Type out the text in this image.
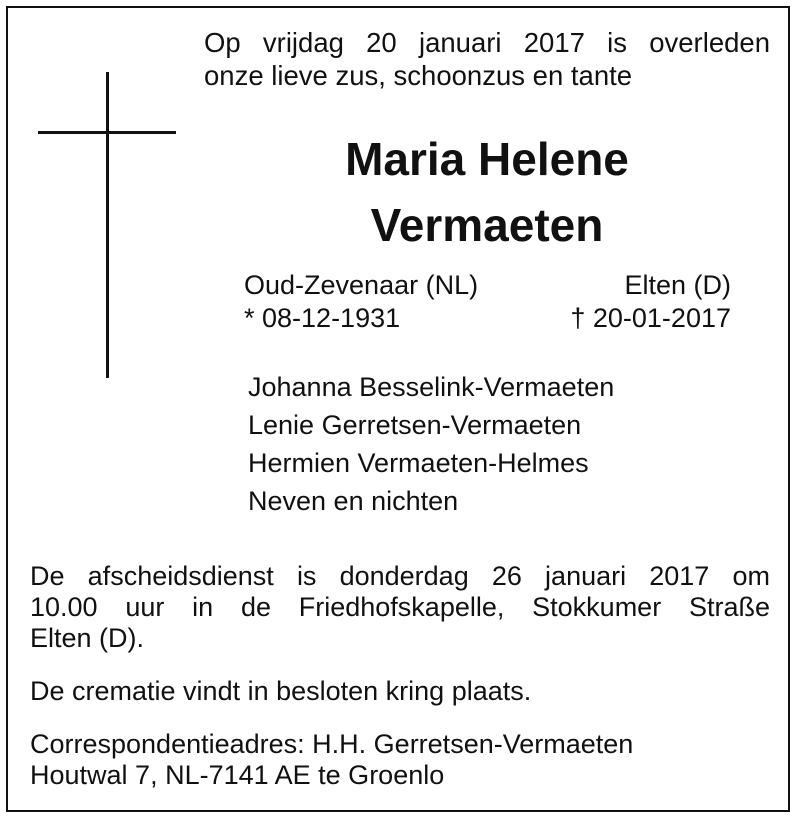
Op vrijdag 20 januari 2017 is overleden
onze lieve zus, schoonzus en tante
Maria Helene
Vermaeten
Oud-Zevenaar (NL)	Elten (D)
* 08-12-1931	† 20-01-2017
Johanna Besselink-Vermaeten
Lenie Gerretsen-Vermaeten
Hermien Vermaeten-Helmes
Neven en nichten
De afscheidsdienst is donderdag 26 januari 2017 om
10.00 uur in de Friedhofskapelle, Stokkumer Straße
Elten (D).
De crematie vindt in besloten kring plaats.
Correspondentieadres: H.H. Gerretsen-Vermaeten
Houtwal 7, NL-7141 AE te Groenlo
